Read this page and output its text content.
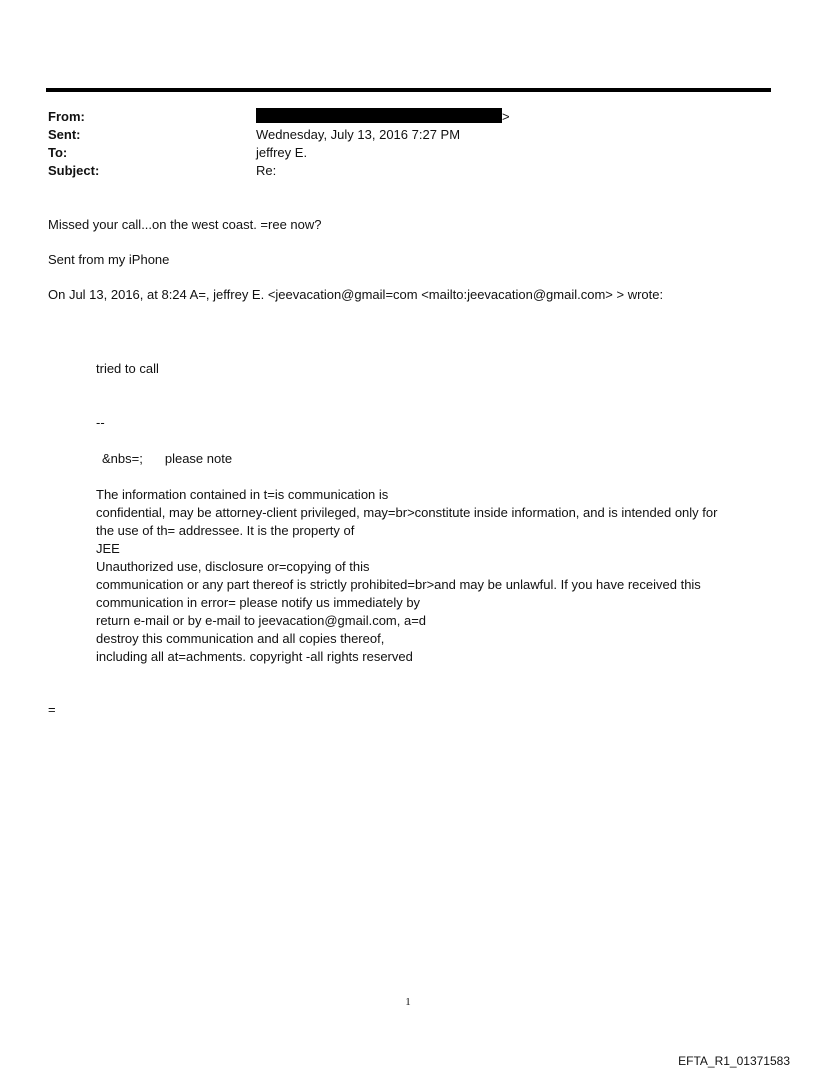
From:	>
Sent:	Wednesday, July 13, 2016 7:27 PM
To:	jeffrey E.
Subject:	Re:

Missed your call...on the west coast. =ree now?

Sent from my iPhone

On Jul 13, 2016, at 8:24 A=, jeffrey E. <jeevacation@gmail=com <mailto:jeevacation@gmail.com> > wrote:

tried to call
--
&nbs=; please note
The information contained in t=is communication is
confidential, may be attorney-client privileged, may=br>constitute inside information, and is intended only for
the use of th= addressee. It is the property of
JEE
Unauthorized use, disclosure or=copying of this
communication or any part thereof is strictly prohibited=br>and may be unlawful. If you have received this
communication in error= please notify us immediately by
return e-mail or by e-mail to jeevacation@gmail.com, a=d
destroy this communication and all copies thereof,
including all at=achments. copyright -all rights reserved
=
1
EFTA_R1_01371583
